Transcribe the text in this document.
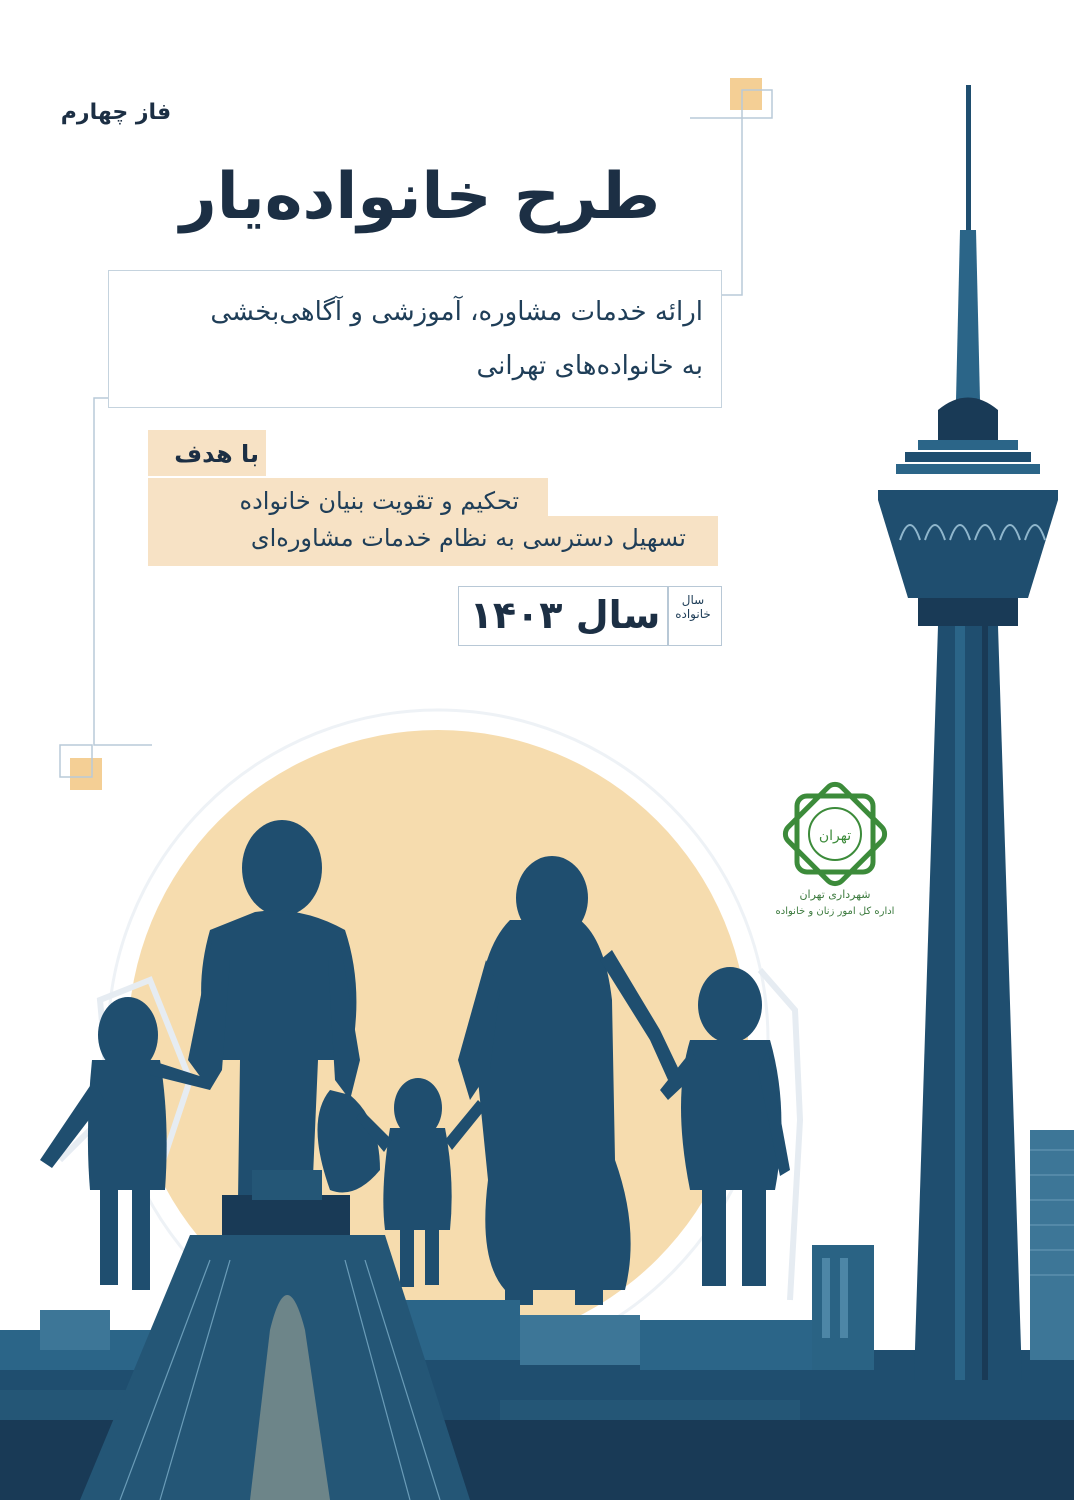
تهران
شهرداری تهران
اداره کل امور زنان و خانواده
فاز چهارم
طرح خانواده‌یار
ارائه خدمات مشاوره، آموزشی و آگاهی‌بخشی
به خانواده‌های تهرانی
با هدف
تحکیم و تقویت بنیان خانواده
تسهیل دسترسی به نظام خدمات مشاوره‌ای
سال خانواده
سال ۱۴۰۳
